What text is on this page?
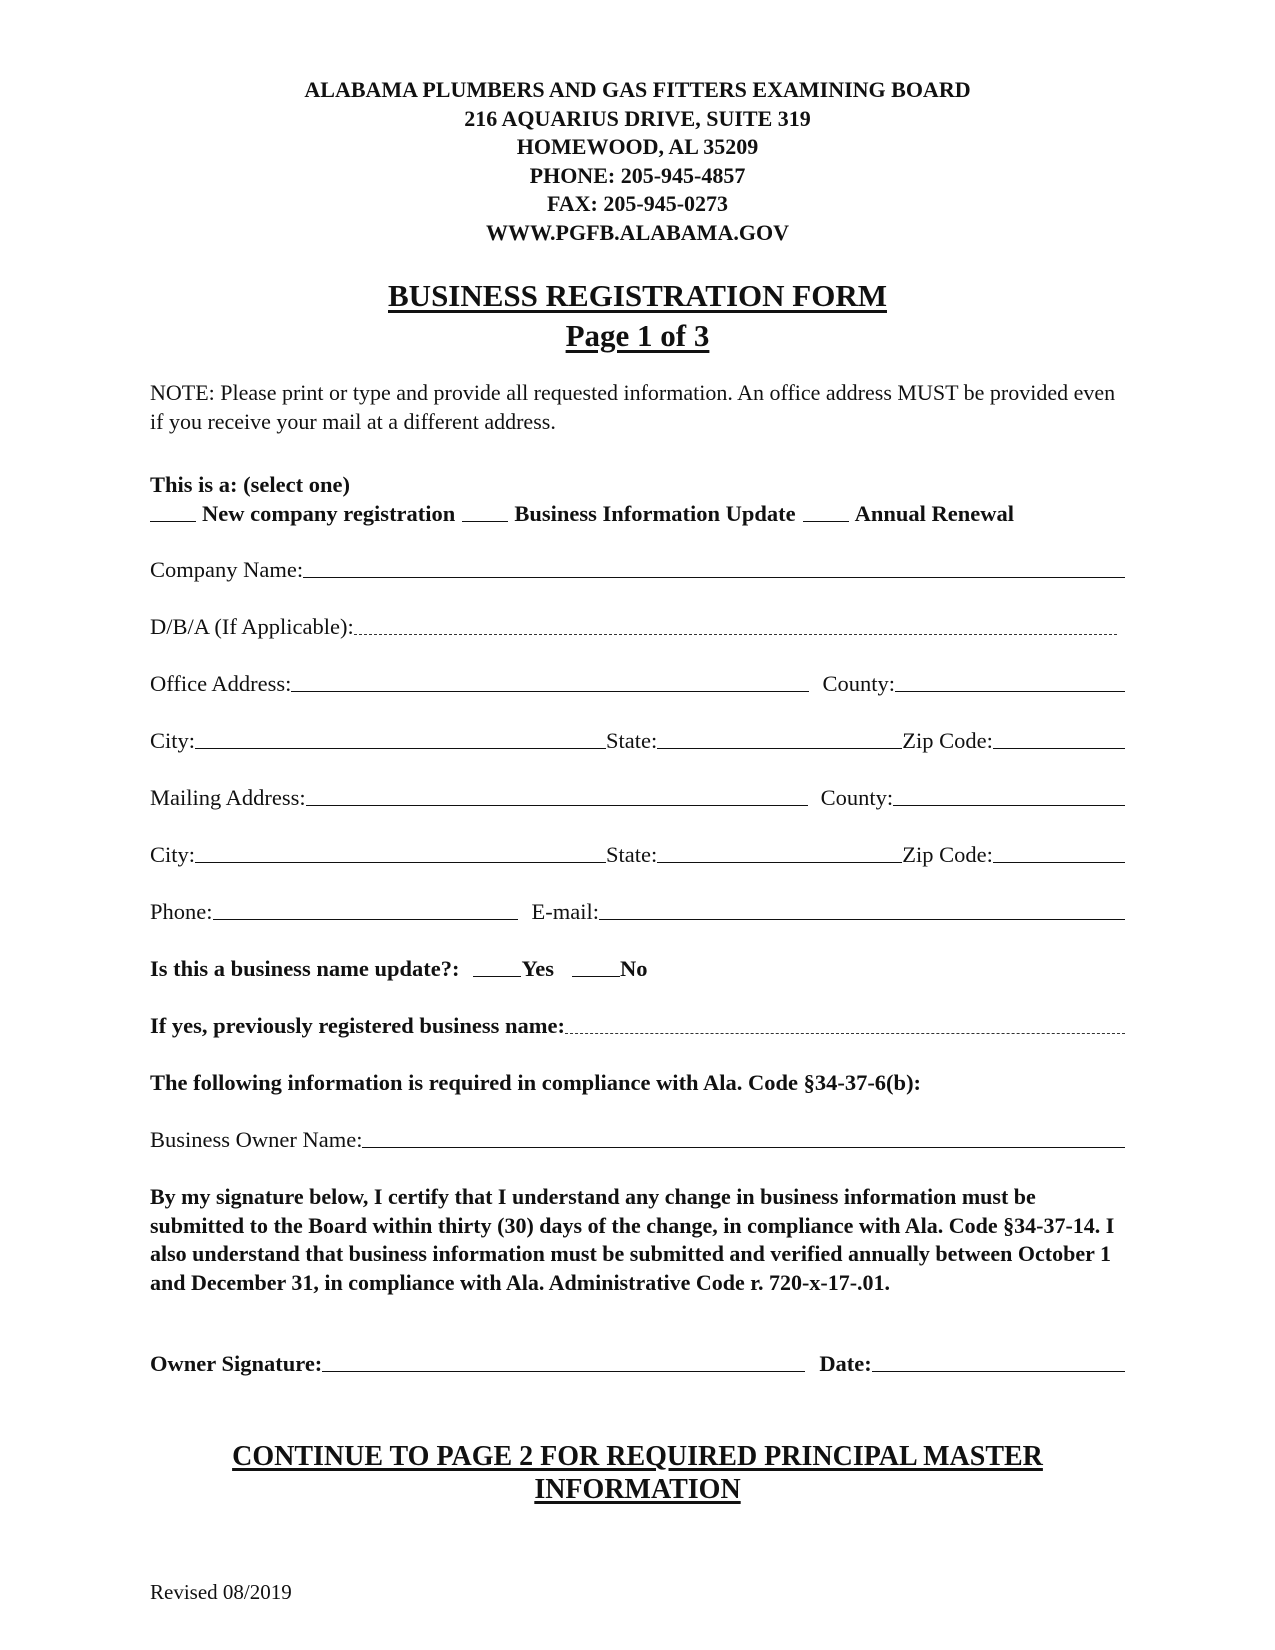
ALABAMA PLUMBERS AND GAS FITTERS EXAMINING BOARD
216 AQUARIUS DRIVE, SUITE 319
HOMEWOOD, AL 35209
PHONE: 205-945-4857
FAX: 205-945-0273
WWW.PGFB.ALABAMA.GOV
BUSINESS REGISTRATION FORM
Page 1 of 3
NOTE: Please print or type and provide all requested information. An office address MUST be provided even if you receive your mail at a different address.
This is a: (select one)
New company registration	Business Information Update	Annual Renewal
Company Name:
D/B/A (If Applicable):
Office Address:	County:
City:	State:	Zip Code:
Mailing Address:	County:
City:	State:	Zip Code:
Phone:	E-mail:
Is this a business name update?:	Yes	No
If yes, previously registered business name:
The following information is required in compliance with Ala. Code §34-37-6(b):
Business Owner Name:
By my signature below, I certify that I understand any change in business information must be submitted to the Board within thirty (30) days of the change, in compliance with Ala. Code §34-37-14. I also understand that business information must be submitted and verified annually between October 1 and December 31, in compliance with Ala. Administrative Code r. 720-x-17-.01.
Owner Signature:	Date:
CONTINUE TO PAGE 2 FOR REQUIRED PRINCIPAL MASTER
INFORMATION
Revised 08/2019
